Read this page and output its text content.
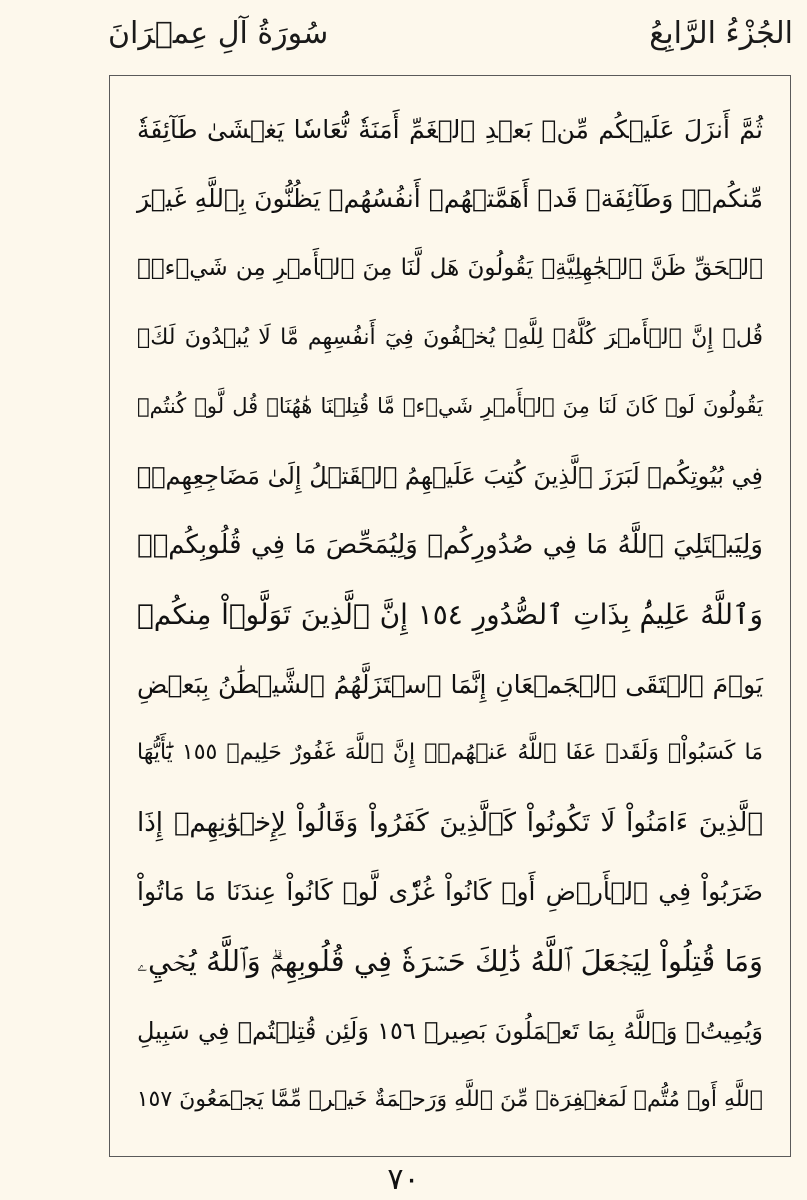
سُورَةُ آلِ عِمۡرَانَ	الجُزْءُ الرَّابِعُ
ثُمَّ أَنزَلَ عَلَيۡكُم مِّنۢ بَعۡدِ ٱلۡغَمِّ أَمَنَةٗ نُّعَاسٗا يَغۡشَىٰ طَآئِفَةٗ
مِّنكُمۡۖ وَطَآئِفَةٞ قَدۡ أَهَمَّتۡهُمۡ أَنفُسُهُمۡ يَظُنُّونَ بِٱللَّهِ غَيۡرَ
ٱلۡحَقِّ ظَنَّ ٱلۡجَٰهِلِيَّةِۖ يَقُولُونَ هَل لَّنَا مِنَ ٱلۡأَمۡرِ مِن شَيۡءٖۗ
قُلۡ إِنَّ ٱلۡأَمۡرَ كُلَّهُۥ لِلَّهِۗ يُخۡفُونَ فِيٓ أَنفُسِهِم مَّا لَا يُبۡدُونَ لَكَۖ
يَقُولُونَ لَوۡ كَانَ لَنَا مِنَ ٱلۡأَمۡرِ شَيۡءٞ مَّا قُتِلۡنَا هَٰهُنَاۗ قُل لَّوۡ كُنتُمۡ
فِي بُيُوتِكُمۡ لَبَرَزَ ٱلَّذِينَ كُتِبَ عَلَيۡهِمُ ٱلۡقَتۡلُ إِلَىٰ مَضَاجِعِهِمۡۖ
وَلِيَبۡتَلِيَ ٱللَّهُ مَا فِي صُدُورِكُمۡ وَلِيُمَحِّصَ مَا فِي قُلُوبِكُمۡۚ
وَٱللَّهُ عَلِيمُۢ بِذَاتِ ٱلصُّدُورِ ١٥٤ إِنَّ ٱلَّذِينَ تَوَلَّوۡاْ مِنكُمۡ
يَوۡمَ ٱلۡتَقَى ٱلۡجَمۡعَانِ إِنَّمَا ٱسۡتَزَلَّهُمُ ٱلشَّيۡطَٰنُ بِبَعۡضِ
مَا كَسَبُواْۖ وَلَقَدۡ عَفَا ٱللَّهُ عَنۡهُمۡۗ إِنَّ ٱللَّهَ غَفُورٌ حَلِيمٞ ١٥٥ يَٰٓأَيُّهَا
ٱلَّذِينَ ءَامَنُواْ لَا تَكُونُواْ كَٱلَّذِينَ كَفَرُواْ وَقَالُواْ لِإِخۡوَٰنِهِمۡ إِذَا
ضَرَبُواْ فِي ٱلۡأَرۡضِ أَوۡ كَانُواْ غُزّٗى لَّوۡ كَانُواْ عِندَنَا مَا مَاتُواْ
وَمَا قُتِلُواْ لِيَجۡعَلَ ٱللَّهُ ذَٰلِكَ حَسۡرَةٗ فِي قُلُوبِهِمۡۗ وَٱللَّهُ يُحۡيِۦ
وَيُمِيتُۗ وَٱللَّهُ بِمَا تَعۡمَلُونَ بَصِيرٞ ١٥٦ وَلَئِن قُتِلۡتُمۡ فِي سَبِيلِ
ٱللَّهِ أَوۡ مُتُّمۡ لَمَغۡفِرَةٞ مِّنَ ٱللَّهِ وَرَحۡمَةٌ خَيۡرٞ مِّمَّا يَجۡمَعُونَ ١٥٧
٧٠
